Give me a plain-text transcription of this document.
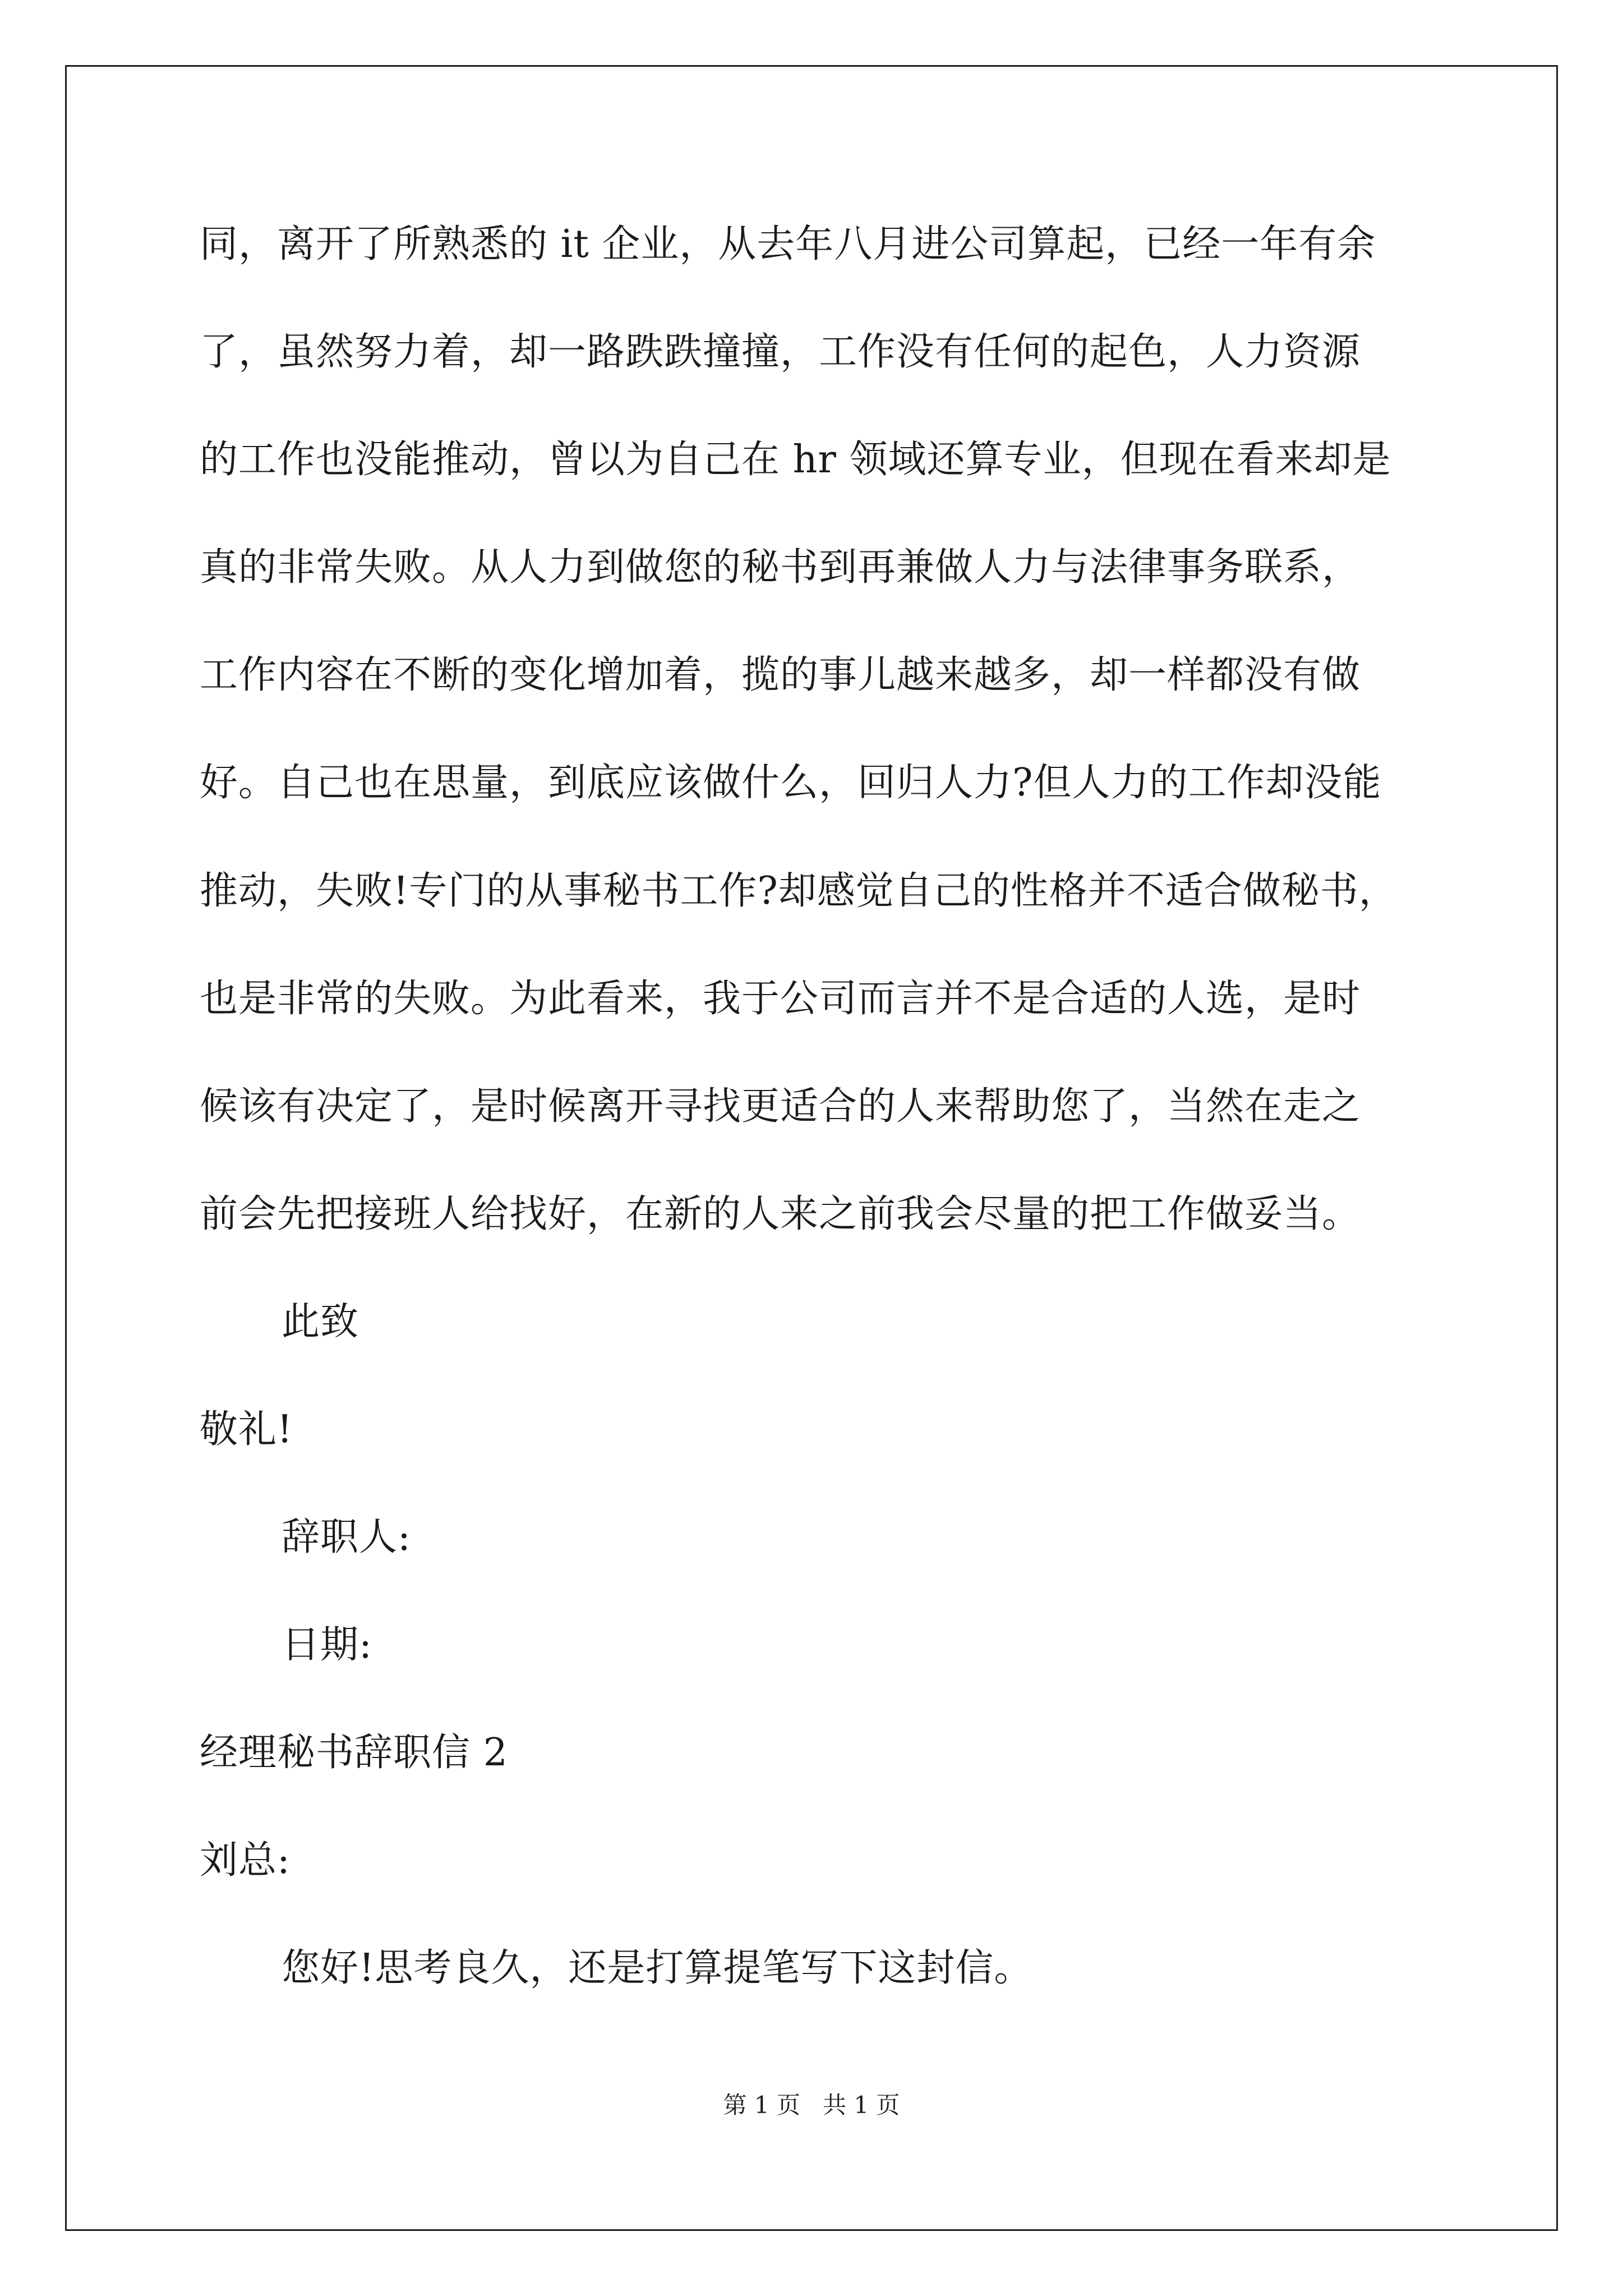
同，离开了所熟悉的 it 企业，从去年八月进公司算起，已经一年有余
了，虽然努力着，却一路跌跌撞撞，工作没有任何的起色，人力资源
的工作也没能推动，曾以为自己在 hr 领域还算专业，但现在看来却是
真的非常失败。从人力到做您的秘书到再兼做人力与法律事务联系，
工作内容在不断的变化增加着，揽的事儿越来越多，却一样都没有做
好。自己也在思量，到底应该做什么，回归人力?但人力的工作却没能
推动，失败!专门的从事秘书工作?却感觉自己的性格并不适合做秘书，
也是非常的失败。为此看来，我于公司而言并不是合适的人选，是时
候该有决定了，是时候离开寻找更适合的人来帮助您了，当然在走之
前会先把接班人给找好，在新的人来之前我会尽量的把工作做妥当。
此致
敬礼!
辞职人:
日期:
经理秘书辞职信 2
刘总:
您好!思考良久，还是打算提笔写下这封信。
第 1 页 共 1 页
